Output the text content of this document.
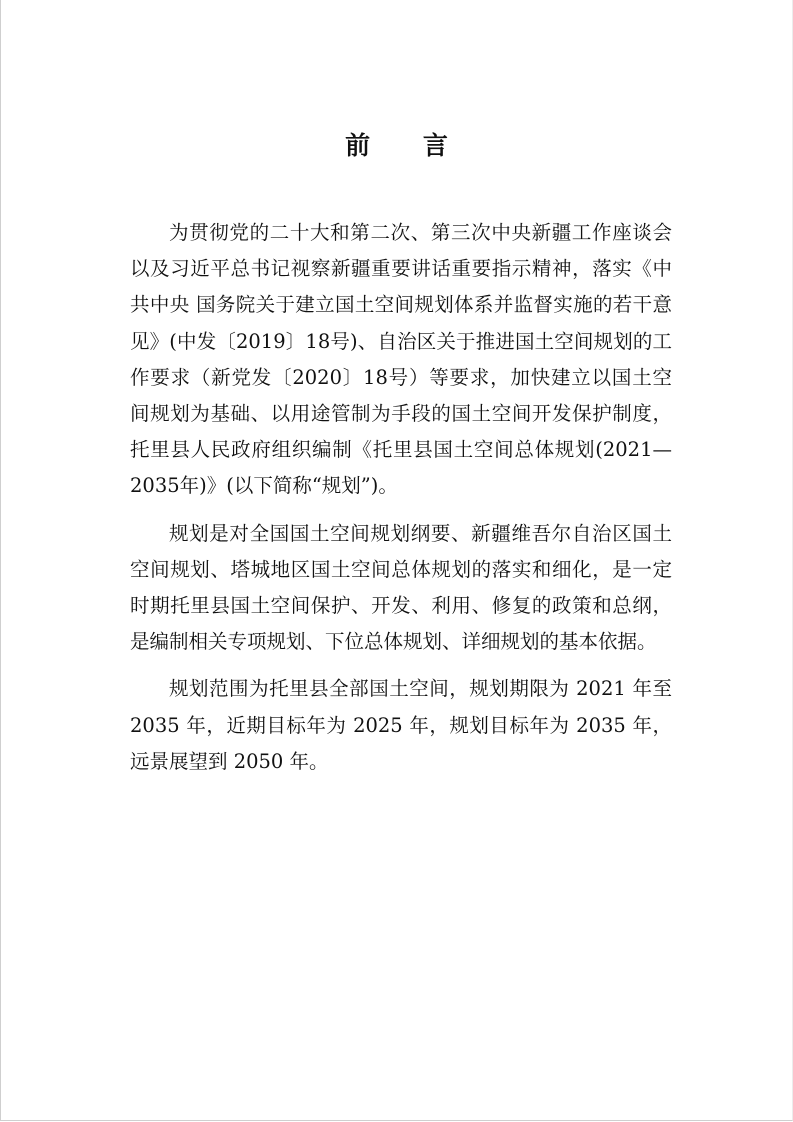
前 言

为贯彻党的二十大和第二次、第三次中央新疆工作座谈会以及习近平总书记视察新疆重要讲话重要指示精神，落实《中共中央 国务院关于建立国土空间规划体系并监督实施的若干意见》(中发〔2019〕18号)、自治区关于推进国土空间规划的工作要求（新党发〔2020〕18号）等要求，加快建立以国土空间规划为基础、以用途管制为手段的国土空间开发保护制度，托里县人民政府组织编制《托里县国土空间总体规划(2021—2035年)》(以下简称“规划”)。

规划是对全国国土空间规划纲要、新疆维吾尔自治区国土空间规划、塔城地区国土空间总体规划的落实和细化，是一定时期托里县国土空间保护、开发、利用、修复的政策和总纲，是编制相关专项规划、下位总体规划、详细规划的基本依据。

规划范围为托里县全部国土空间，规划期限为 2021 年至 2035 年，近期目标年为 2025 年，规划目标年为 2035 年，远景展望到 2050 年。
